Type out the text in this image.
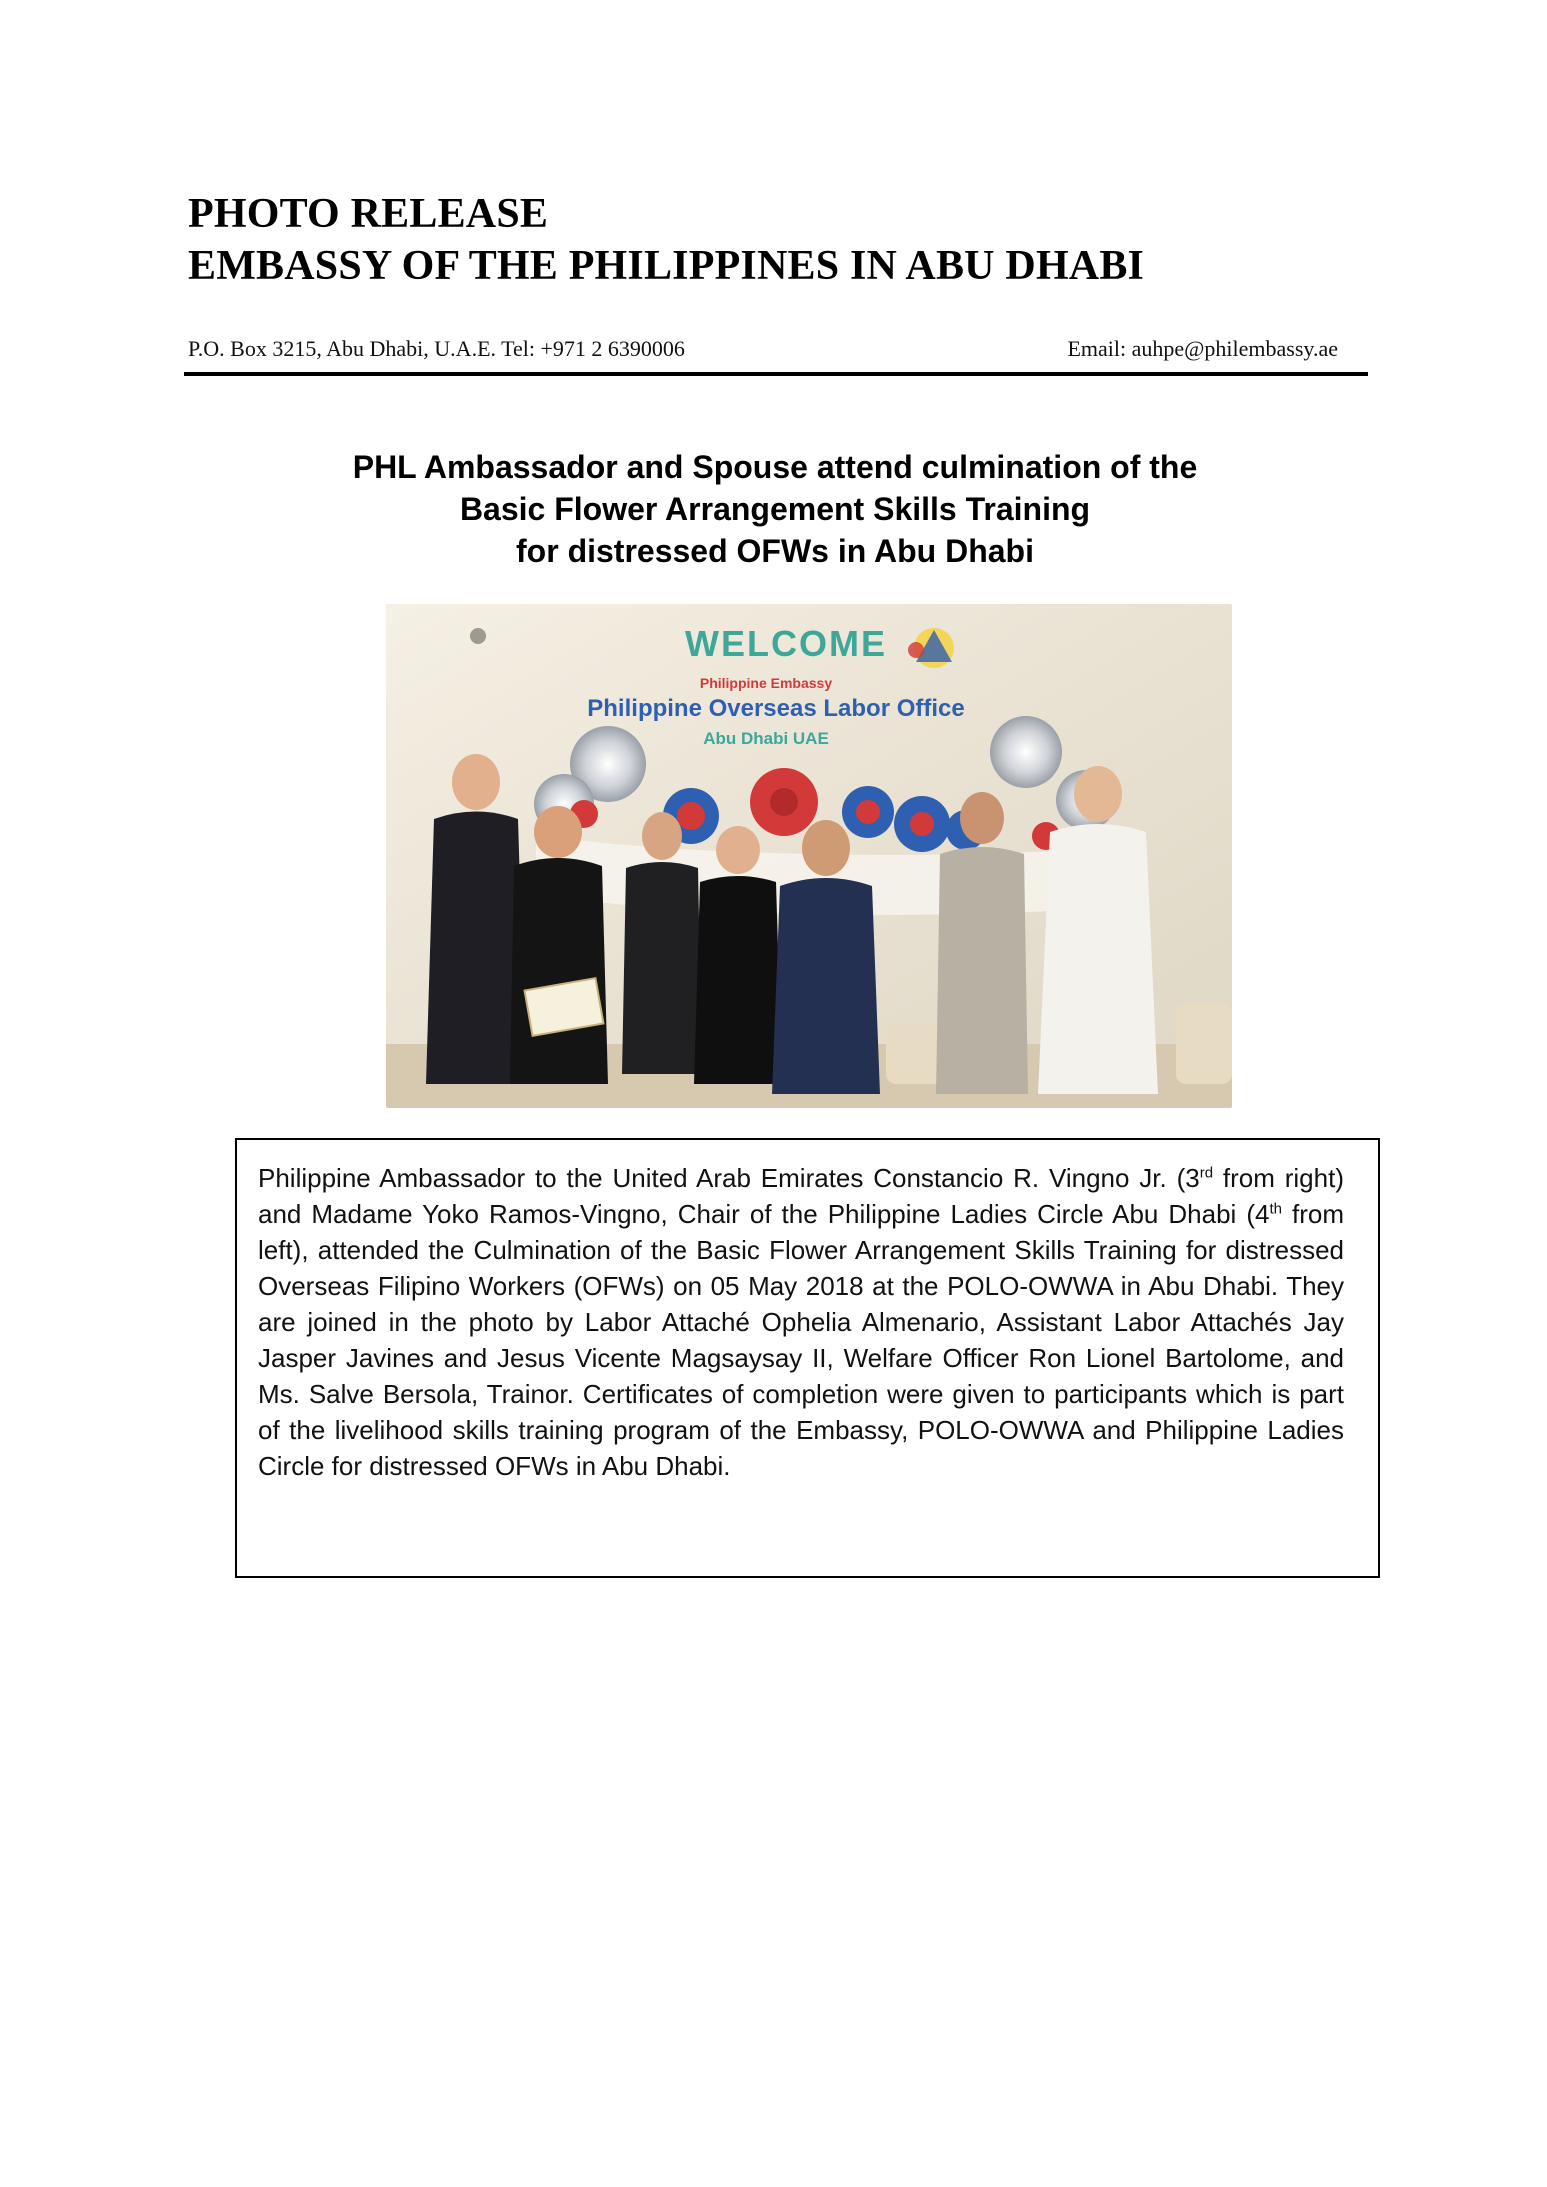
PHOTO RELEASE
EMBASSY OF THE PHILIPPINES IN ABU DHABI
P.O. Box 3215, Abu Dhabi, U.A.E. Tel: +971 2 6390006	Email: auhpe@philembassy.ae
PHL Ambassador and Spouse attend culmination of the
Basic Flower Arrangement Skills Training
for distressed OFWs in Abu Dhabi
WELCOME
Philippine Embassy
Philippine Overseas Labor Office
Abu Dhabi UAE

Philippine Ambassador to the United Arab Emirates Constancio R. Vingno Jr. (3rd from right) and Madame Yoko Ramos-Vingno, Chair of the Philippine Ladies Circle Abu Dhabi (4th from left), attended the Culmination of the Basic Flower Arrangement Skills Training for distressed Overseas Filipino Workers (OFWs) on 05 May 2018 at the POLO-OWWA in Abu Dhabi. They are joined in the photo by Labor Attaché Ophelia Almenario, Assistant Labor Attachés Jay Jasper Javines and Jesus Vicente Magsaysay II, Welfare Officer Ron Lionel Bartolome, and Ms. Salve Bersola, Trainor. Certificates of completion were given to participants which is part of the livelihood skills training program of the Embassy, POLO-OWWA and Philippine Ladies Circle for distressed OFWs in Abu Dhabi.
